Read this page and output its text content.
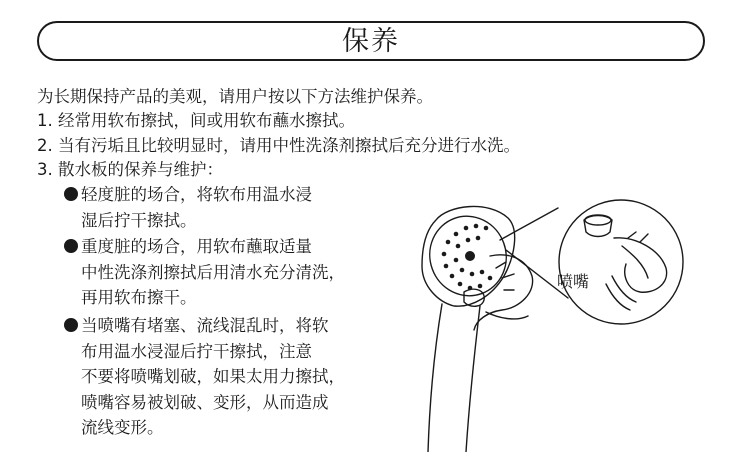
保养
为长期保持产品的美观，请用户按以下方法维护保养。
1. 经常用软布擦拭，间或用软布蘸水擦拭。
2. 当有污垢且比较明显时，请用中性洗涤剂擦拭后充分进行水洗。
3. 散水板的保养与维护：
轻度脏的场合，将软布用温水浸
湿后拧干擦拭。
重度脏的场合，用软布蘸取适量
中性洗涤剂擦拭后用清水充分清洗，
再用软布擦干。
当喷嘴有堵塞、流线混乱时，将软
布用温水浸湿后拧干擦拭，注意
不要将喷嘴划破，如果太用力擦拭，
喷嘴容易被划破、变形，从而造成
流线变形。
喷嘴
